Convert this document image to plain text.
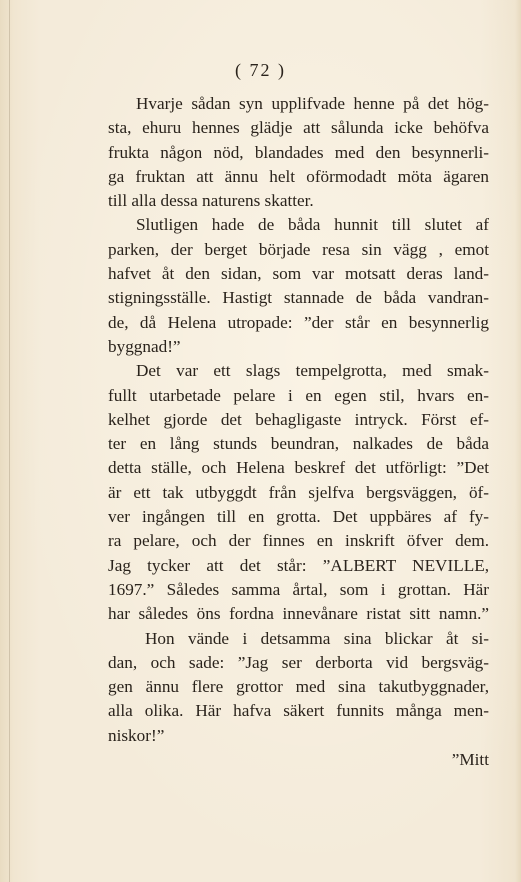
( 72 )
Hvarje sådan syn upplifvade henne på det hög-
sta, ehuru hennes glädje att sålunda icke behöfva
frukta någon nöd, blandades med den besynnerli-
ga fruktan att ännu helt oförmodadt möta ägaren
till alla dessa naturens skatter.
Slutligen hade de båda hunnit till slutet af
parken, der berget började resa sin vägg , emot
hafvet åt den sidan, som var motsatt deras land-
stigningsställe. Hastigt stannade de båda vandran-
de, då Helena utropade: ”der står en besynnerlig
byggnad!”
Det var ett slags tempelgrotta, med smak-
fullt utarbetade pelare i en egen stil, hvars en-
kelhet gjorde det behagligaste intryck. Först ef-
ter en lång stunds beundran, nalkades de båda
detta ställe, och Helena beskref det utförligt: ”Det
är ett tak utbyggdt från sjelfva bergsväggen, öf-
ver ingången till en grotta. Det uppbäres af fy-
ra pelare, och der finnes en inskrift öfver dem.
Jag tycker att det står: ”ALBERT NEVILLE,
1697.” Således samma årtal, som i grottan. Här
har således öns fordna innevånare ristat sitt namn.”
Hon vände i detsamma sina blickar åt si-
dan, och sade: ”Jag ser derborta vid bergsväg-
gen ännu flere grottor med sina takutbyggnader,
alla olika. Här hafva säkert funnits många men-
niskor!”
”Mitt
